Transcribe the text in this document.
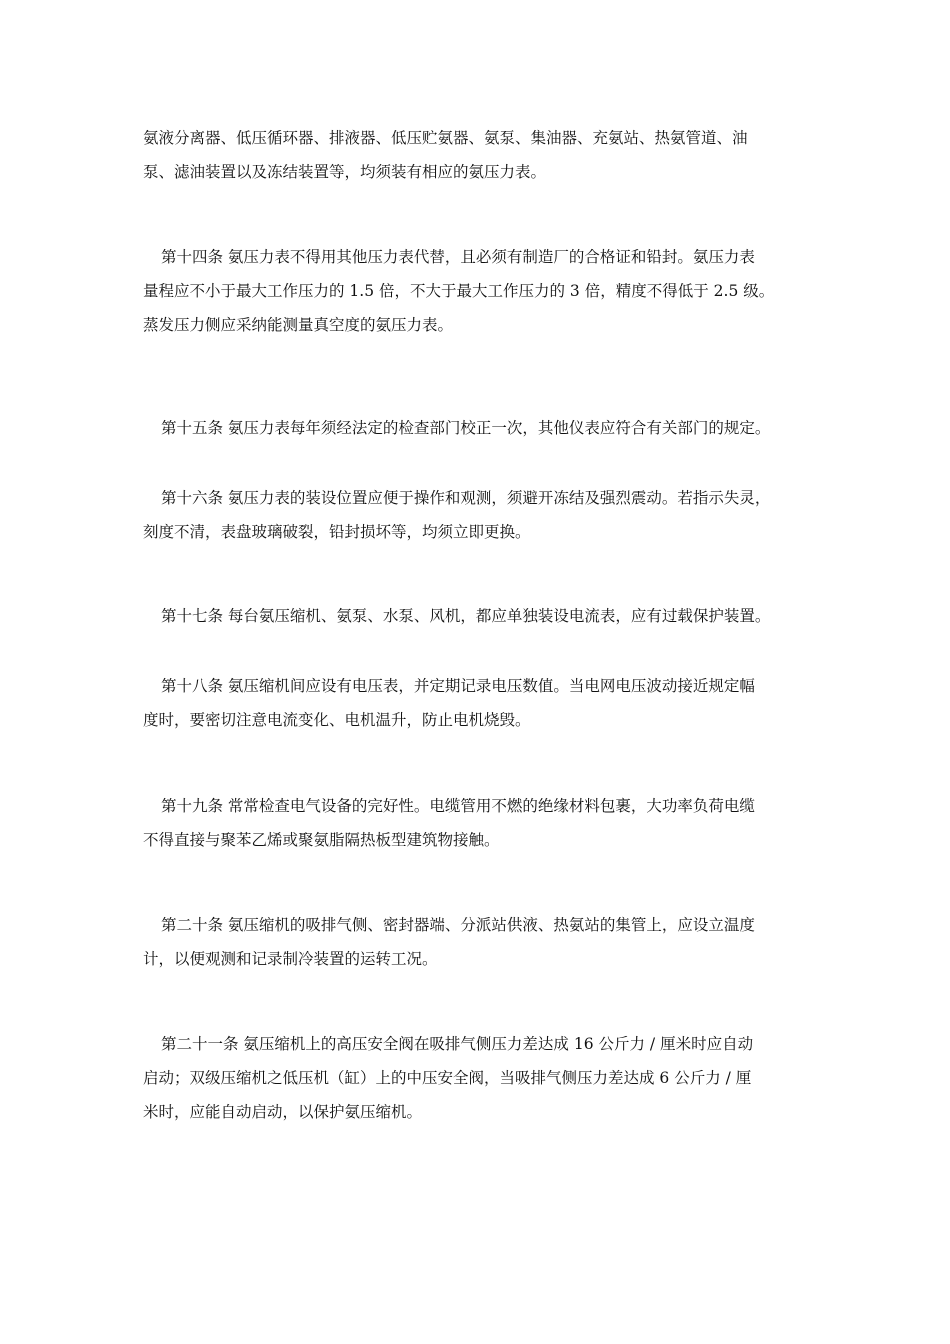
氨液分离器、低压循环器、排液器、低压贮氨器、氨泵、集油器、充氨站、热氨管道、油
泵、滤油装置以及冻结装置等，均须装有相应的氨压力表。
第十四条 氨压力表不得用其他压力表代替，且必须有制造厂的合格证和铅封。氨压力表
量程应不小于最大工作压力的 1.5 倍，不大于最大工作压力的 3 倍，精度不得低于 2.5 级。
蒸发压力侧应采纳能测量真空度的氨压力表。
第十五条 氨压力表每年须经法定的检查部门校正一次，其他仪表应符合有关部门的规定。
第十六条 氨压力表的装设位置应便于操作和观测，须避开冻结及强烈震动。若指示失灵，
刻度不清，表盘玻璃破裂，铅封损坏等，均须立即更换。
第十七条 每台氨压缩机、氨泵、水泵、风机，都应单独装设电流表，应有过载保护装置。
第十八条 氨压缩机间应设有电压表，并定期记录电压数值。当电网电压波动接近规定幅
度时，要密切注意电流变化、电机温升，防止电机烧毁。
第十九条 常常检查电气设备的完好性。电缆管用不燃的绝缘材料包裹，大功率负荷电缆
不得直接与聚苯乙烯或聚氨脂隔热板型建筑物接触。
第二十条 氨压缩机的吸排气侧、密封器端、分派站供液、热氨站的集管上，应设立温度
计，以便观测和记录制冷装置的运转工况。
第二十一条 氨压缩机上的高压安全阀在吸排气侧压力差达成 16 公斤力 / 厘米时应自动
启动；双级压缩机之低压机（缸）上的中压安全阀，当吸排气侧压力差达成 6 公斤力 / 厘
米时，应能自动启动，以保护氨压缩机。
